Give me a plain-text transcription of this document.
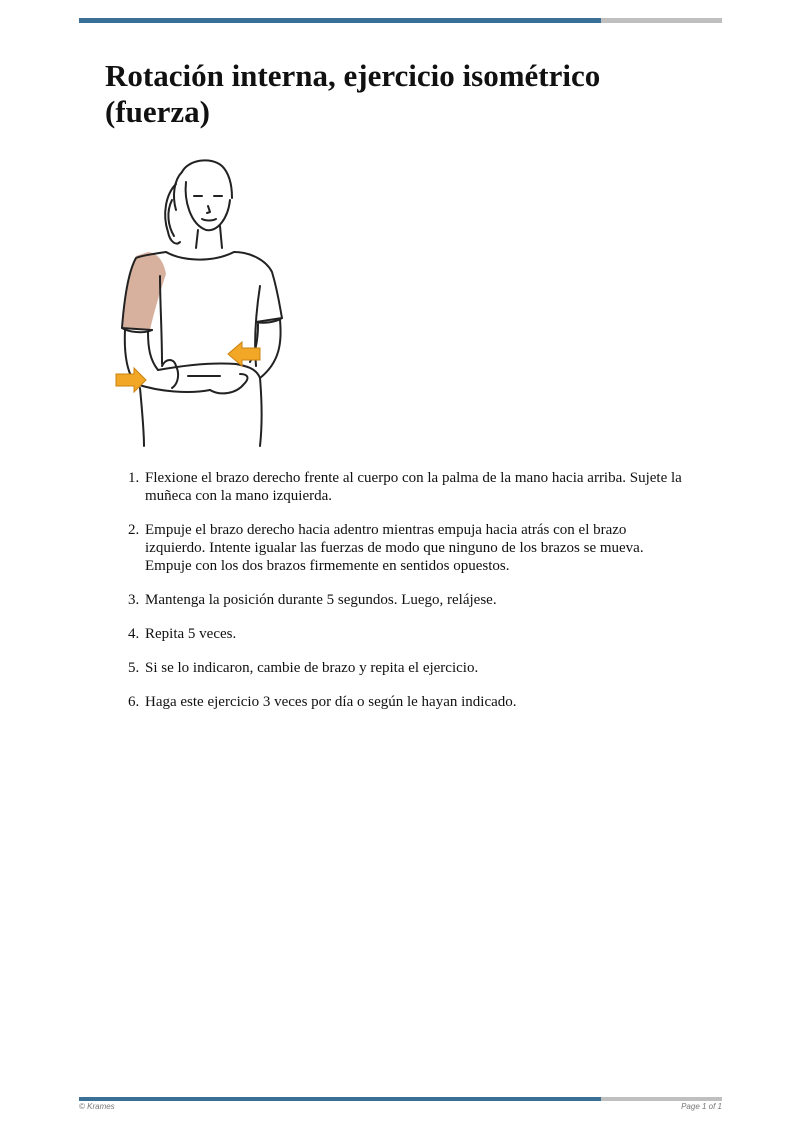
Rotación interna, ejercicio isométrico (fuerza)
1. Flexione el brazo derecho frente al cuerpo con la palma de la mano hacia arriba. Sujete la muñeca con la mano izquierda.
2. Empuje el brazo derecho hacia adentro mientras empuja hacia atrás con el brazo izquierdo. Intente igualar las fuerzas de modo que ninguno de los brazos se mueva. Empuje con los dos brazos firmemente en sentidos opuestos.
3. Mantenga la posición durante 5 segundos. Luego, relájese.
4. Repita 5 veces.
5. Si se lo indicaron, cambie de brazo y repita el ejercicio.
6. Haga este ejercicio 3 veces por día o según le hayan indicado.
© Krames	Page 1 of 1
